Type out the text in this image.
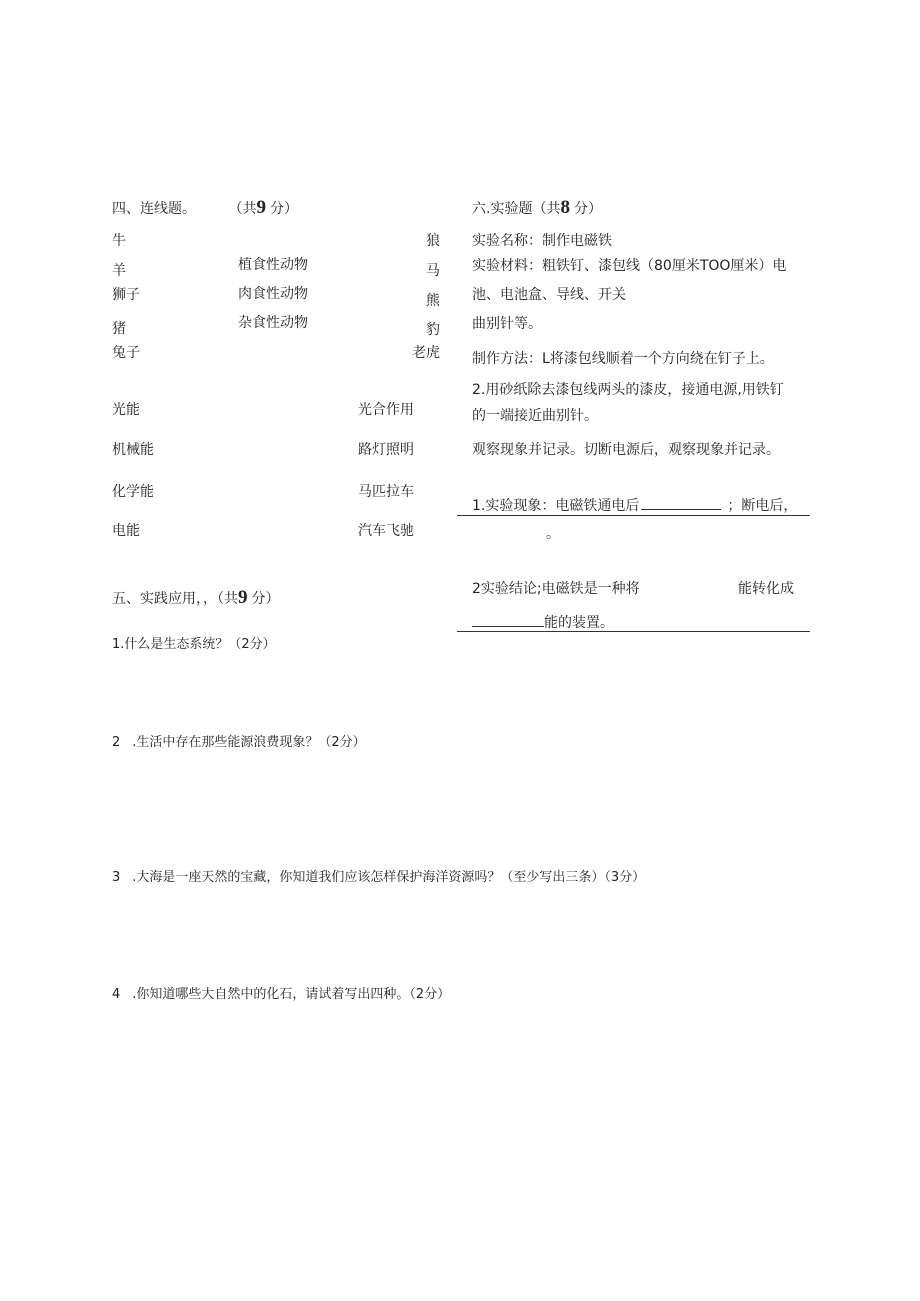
四、连线题。 （共9 分）
牛
羊
狮子
猪
兔子
植食性动物
肉食性动物
杂食性动物
狼
马
熊
豹
老虎
光能
机械能
化学能
电能
光合作用
路灯照明
马匹拉车
汽车飞驰
五、实践应用，，（共9 分）
1.什么是生态系统？（2分）
2 .生活中存在那些能源浪费现象？（2分）
3 .大海是一座天然的宝藏，你知道我们应该怎样保护海洋资源吗？（至少写出三条）（3分）
4 .你知道哪些大自然中的化石，请试着写出四种。（2分）
六.实验题（共8 分）
实验名称：制作电磁铁
实验材料：粗铁钉、漆包线（80厘米TOO厘米）电
池、电池盒、导线、开关
曲别针等。
制作方法：L将漆包线顺着一个方向绕在钉子上。
2.用砂纸除去漆包线两头的漆皮，接通电源,用铁钉
的一端接近曲别针。
观察现象并记录。切断电源后，观察现象并记录。
1.实验现象：电磁铁通电后	；断电后，
。
2实验结论;电磁铁是一种将	能转化成
能的装置。
